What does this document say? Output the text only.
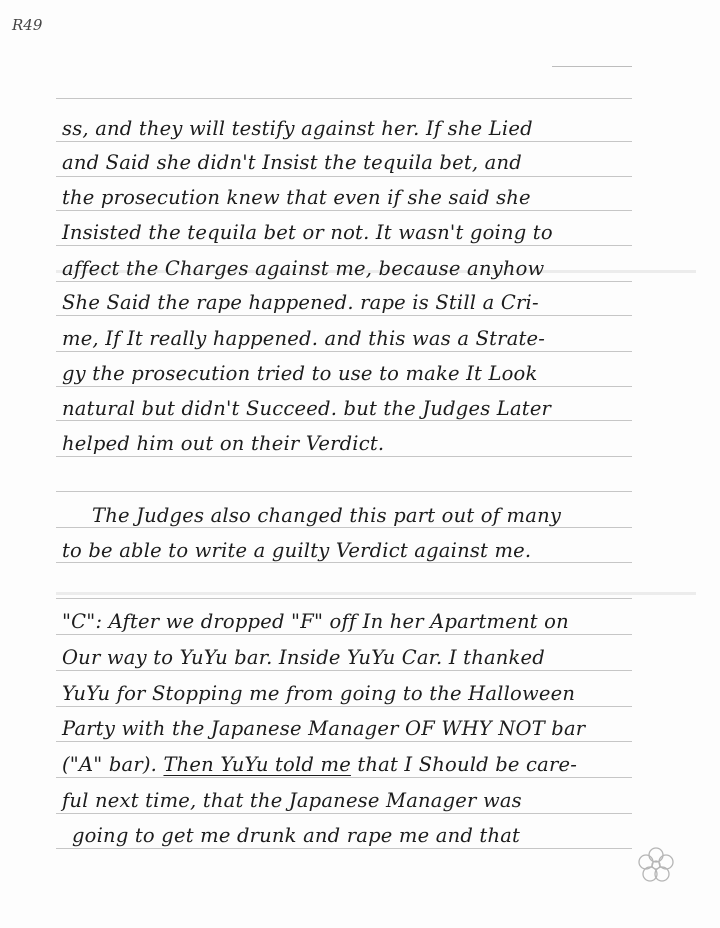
R49
ss, and they will testify against her. If she Lied
and Said she didn't Insist the tequila bet, and
the prosecution knew that even if she said she
Insisted the tequila bet or not. It wasn't going to
affect the Charges against me, because anyhow
She Said the rape happened. rape is Still a Cri-
me, If It really happened. and this was a Strate-
gy the prosecution tried to use to make It Look
natural but didn't Succeed. but the Judges Later
helped him out on their Verdict.
The Judges also changed this part out of many
to be able to write a guilty Verdict against me.
"C": After we dropped "F" off In her Apartment on
Our way to YuYu bar. Inside YuYu Car. I thanked
YuYu for Stopping me from going to the Halloween
Party with the Japanese Manager OF WHY NOT bar
("A" bar). Then YuYu told me that I Should be care-
ful next time, that the Japanese Manager was
going to get me drunk and rape me and that
